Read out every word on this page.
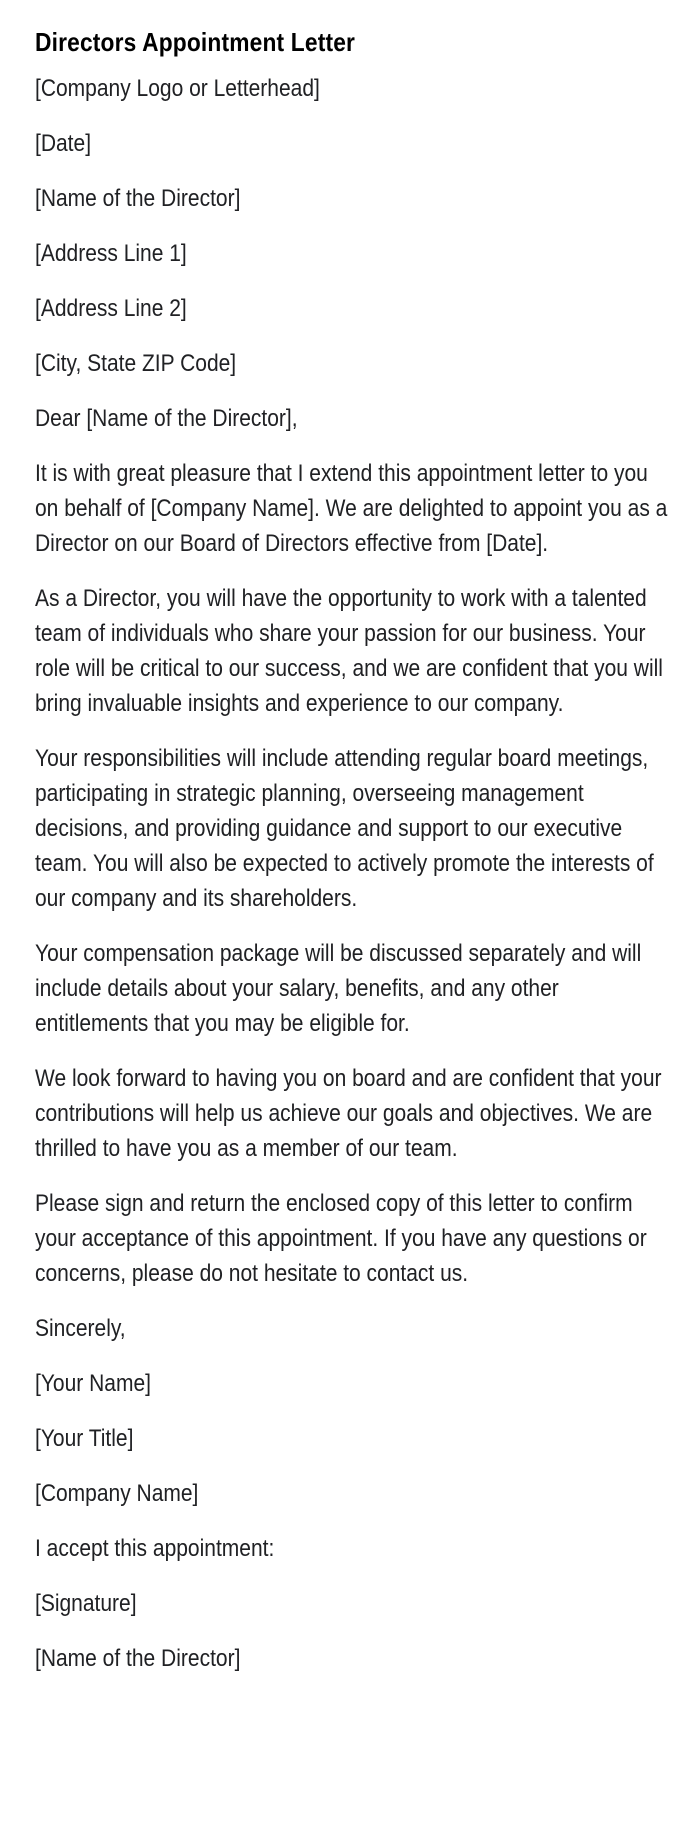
Directors Appointment Letter

[Company Logo or Letterhead]

[Date]

[Name of the Director]

[Address Line 1]

[Address Line 2]

[City, State ZIP Code]

Dear [Name of the Director],

It is with great pleasure that I extend this appointment letter to you on behalf of [Company Name]. We are delighted to appoint you as a Director on our Board of Directors effective from [Date].

As a Director, you will have the opportunity to work with a talented team of individuals who share your passion for our business. Your role will be critical to our success, and we are confident that you will bring invaluable insights and experience to our company.

Your responsibilities will include attending regular board meetings, participating in strategic planning, overseeing management decisions, and providing guidance and support to our executive team. You will also be expected to actively promote the interests of our company and its shareholders.

Your compensation package will be discussed separately and will include details about your salary, benefits, and any other entitlements that you may be eligible for.

We look forward to having you on board and are confident that your contributions will help us achieve our goals and objectives. We are thrilled to have you as a member of our team.

Please sign and return the enclosed copy of this letter to confirm your acceptance of this appointment. If you have any questions or concerns, please do not hesitate to contact us.

Sincerely,

[Your Name]

[Your Title]

[Company Name]

I accept this appointment:

[Signature]

[Name of the Director]
